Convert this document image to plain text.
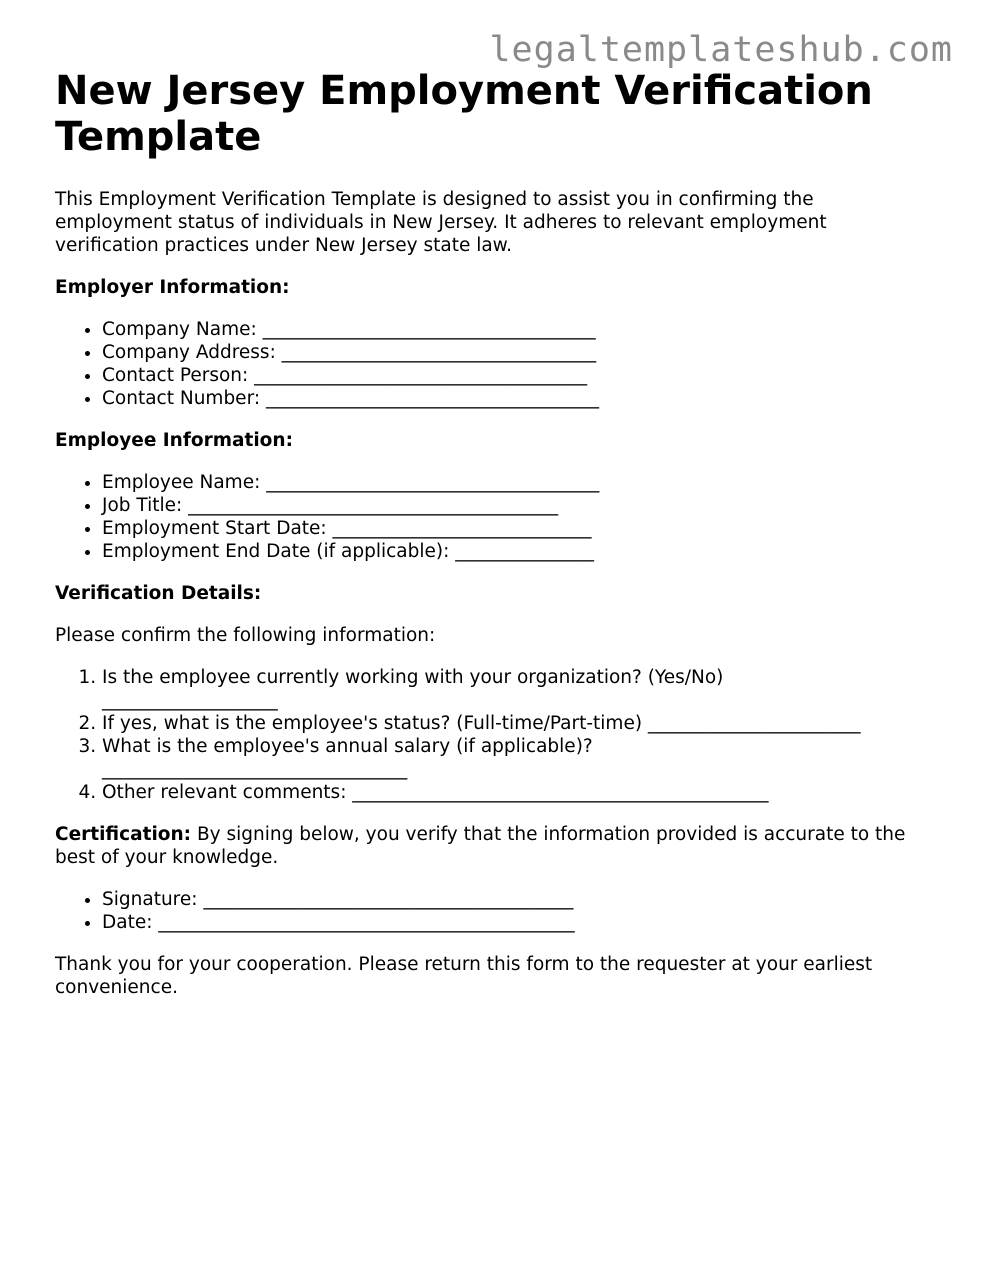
legaltemplateshub.com
New Jersey Employment Verification Template

This Employment Verification Template is designed to assist you in confirming the employment status of individuals in New Jersey. It adheres to relevant employment verification practices under New Jersey state law.

Employer Information:

• Company Name: ____________________________________
• Company Address: __________________________________
• Contact Person: ____________________________________
• Contact Number: ____________________________________

Employee Information:

• Employee Name: ____________________________________
• Job Title: ________________________________________
• Employment Start Date: ____________________________
• Employment End Date (if applicable): _______________

Verification Details:

Please confirm the following information:

1. Is the employee currently working with your organization? (Yes/No)
___________________
2. If yes, what is the employee's status? (Full-time/Part-time) _______________________
3. What is the employee's annual salary (if applicable)?
_________________________________
4. Other relevant comments: _____________________________________________

Certification: By signing below, you verify that the information provided is accurate to the best of your knowledge.

• Signature: ________________________________________
• Date: _____________________________________________

Thank you for your cooperation. Please return this form to the requester at your earliest convenience.
